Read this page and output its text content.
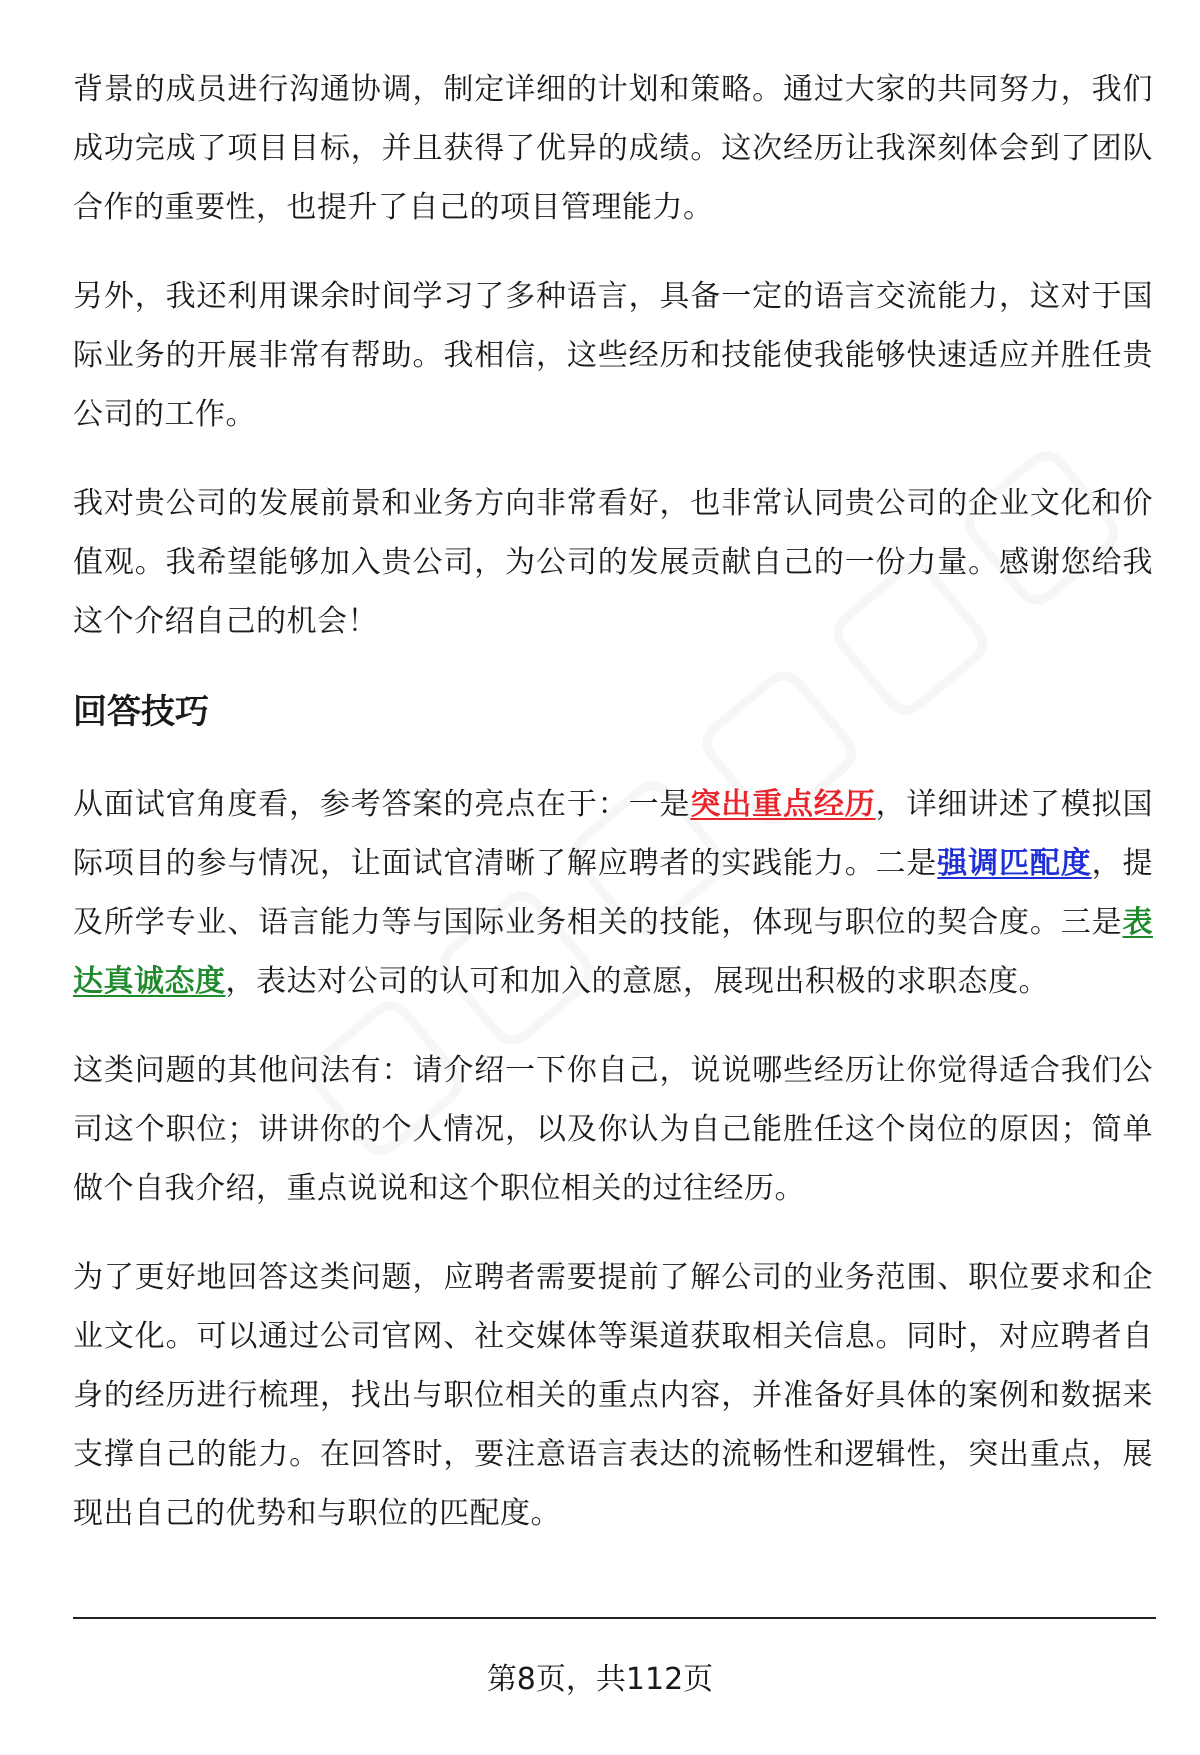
背景的成员进行沟通协调，制定详细的计划和策略。通过大家的共同努力，我们成功完成了项目目标，并且获得了优异的成绩。这次经历让我深刻体会到了团队合作的重要性，也提升了自己的项目管理能力。

另外，我还利用课余时间学习了多种语言，具备一定的语言交流能力，这对于国际业务的开展非常有帮助。我相信，这些经历和技能使我能够快速适应并胜任贵公司的工作。

我对贵公司的发展前景和业务方向非常看好，也非常认同贵公司的企业文化和价值观。我希望能够加入贵公司，为公司的发展贡献自己的一份力量。感谢您给我这个介绍自己的机会！

回答技巧

从面试官角度看，参考答案的亮点在于：一是突出重点经历，详细讲述了模拟国际项目的参与情况，让面试官清晰了解应聘者的实践能力。二是强调匹配度，提及所学专业、语言能力等与国际业务相关的技能，体现与职位的契合度。三是表达真诚态度，表达对公司的认可和加入的意愿，展现出积极的求职态度。

这类问题的其他问法有：请介绍一下你自己，说说哪些经历让你觉得适合我们公司这个职位；讲讲你的个人情况，以及你认为自己能胜任这个岗位的原因；简单做个自我介绍，重点说说和这个职位相关的过往经历。

为了更好地回答这类问题，应聘者需要提前了解公司的业务范围、职位要求和企业文化。可以通过公司官网、社交媒体等渠道获取相关信息。同时，对应聘者自身的经历进行梳理，找出与职位相关的重点内容，并准备好具体的案例和数据来支撑自己的能力。在回答时，要注意语言表达的流畅性和逻辑性，突出重点，展现出自己的优势和与职位的匹配度。

第8页，共112页
